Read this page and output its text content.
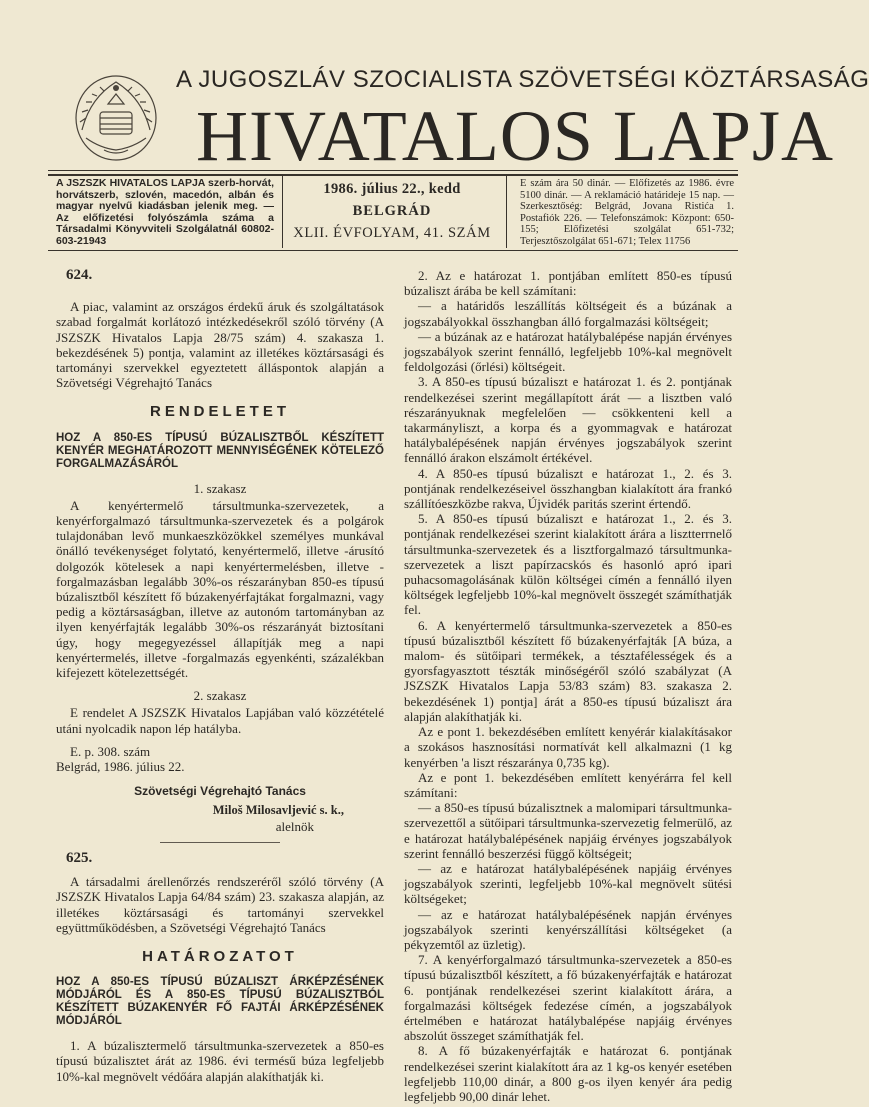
A JUGOSZLÁV SZOCIALISTA SZÖVETSÉGI KÖZTÁRSASÁG
HIVATALOS LAPJA
A JSZSZK HIVATALOS LAPJA szerb-horvát, horvátszerb, szlovén, macedón, albán és magyar nyelvű kiadásban jelenik meg. — Az előfizetési folyószámla száma a Társadalmi Könyvviteli Szolgálatnál 60802-603-21943
1986. július 22., kedd
BELGRÁD
XLII. ÉVFOLYAM, 41. SZÁM
E szám ára 50 dinár. — Előfizetés az 1986. évre 5100 dinár. — A reklamáció határideje 15 nap. — Szerkesztőség: Belgrád, Jovana Ristića 1. Postafiók 226. — Telefonszámok: Központ: 650-155; Előfizetési szolgálat 651-732; Terjesztőszolgálat 651-671; Telex 11756

624.

A piac, valamint az országos érdekű áruk és szolgáltatások szabad forgalmát korlátozó intézkedésekről szóló törvény (A JSZSZK Hivatalos Lapja 28/75 szám) 4. szakasza 1. bekezdésének 5) pontja, valamint az illetékes köztársasági és tartományi szervekkel egyeztetett álláspontok alapján a Szövetségi Végrehajtó Tanács

RENDELETET

HOZ A 850-ES TÍPUSÚ BÚZALISZTBŐL KÉSZÍTETT KENYÉR MEGHATÁROZOTT MENNYISÉGÉNEK KÖTELEZŐ FORGALMAZÁSÁRÓL

1. szakasz

A kenyértermelő társultmunka-szervezetek, a kenyérforgalmazó társultmunka-szervezetek és a polgárok tulajdonában levő munkaeszközökkel személyes munkával önálló tevékenységet folytató, kenyértermelő, illetve -árusító dolgozók kötelesek a napi kenyértermelésben, illetve -forgalmazásban legalább 30%-os részarányban 850-es típusú búzalisztből készített fő búzakenyérfajtákat forgalmazni, vagy pedig a köztársaságban, illetve az autonóm tartományban az ilyen kenyérfajták legalább 30%-os részarányát biztosítani úgy, hogy megegyezéssel állapítják meg a napi kenyértermelés, illetve -forgalmazás egyenkénti, százalékban kifejezett kötelezettségét.

2. szakasz

E rendelet A JSZSZK Hivatalos Lapjában való közzétételé utáni nyolcadik napon lép hatályba.

E. p. 308. szám

Belgrád, 1986. július 22.

Szövetségi Végrehajtó Tanács

Miloš Milosavljević s. k.,

alelnök

625.

A társadalmi árellenőrzés rendszeréről szóló törvény (A JSZSZK Hivatalos Lapja 64/84 szám) 23. szakasza alapján, az illetékes köztársasági és tartományi szervekkel együttműködésben, a Szövetségi Végrehajtó Tanács

HATÁROZATOT

HOZ A 850-ES TÍPUSÚ BÚZALISZT ÁRKÉPZÉSÉNEK MÓDJÁRÓL ÉS A 850-ES TÍPUSÚ BÚZALISZTBÓL KÉSZÍTETT BÚZAKENYÉR FŐ FAJTÁI ÁRKÉPZÉSÉNEK MÓDJÁRÓL

1. A búzalisztermelő társultmunka-szervezetek a 850-es típusú búzalisztet árát az 1986. évi termésű búza legfeljebb 10%-kal megnövelt védőára alapján alakíthatják ki.

2. Az e határozat 1. pontjában említett 850-es típusú búzaliszt árába be kell számítani:

— a határidős leszállítás költségeit és a búzának a jogszabályokkal összhangban álló forgalmazási költségeit;

— a búzának az e határozat hatálybalépése napján érvényes jogszabályok szerint fennálló, legfeljebb 10%-kal megnövelt feldolgozási (őrlési) költségeit.

3. A 850-es típusú búzaliszt e határozat 1. és 2. pontjának rendelkezései szerint megállapított árát — a lisztben való részarányuknak megfelelően — csökkenteni kell a takarmányliszt, a korpa és a gyommagvak e határozat hatálybalépésének napján érvényes jogszabályok szerint fennálló árakon elszámolt értékével.

4. A 850-es típusú búzaliszt e határozat 1., 2. és 3. pontjának rendelkezéseivel összhangban kialakított ára frankó szállítóeszközbe rakva, Újvidék paritás szerint értendő.

5. A 850-es típusú búzaliszt e határozat 1., 2. és 3. pontjának rendelkezései szerint kialakított árára a lisztterrnelő társultmunka-szervezetek és a lisztforgalmazó társultmunka-szervezetek a liszt papírzacskós és hasonló apró ipari puhacsomagolásának külön költségei címén a fennálló ilyen költségek legfeljebb 10%-kal megnövelt összegét számíthatják fel.

6. A kenyértermelő társultmunka-szervezetek a 850-es típusú búzalisztből készített fő búzakenyérfajták [A búza, a malom- és sütőipari termékek, a tésztafélességek és a gyorsfagyasztott tészták minőségéről szóló szabályzat (A JSZSZK Hivatalos Lapja 53/83 szám) 83. szakasza 2. bekezdésének 1) pontja] árát a 850-es típusú búzaliszt ára alapján alakíthatják ki.

Az e pont 1. bekezdésében említett kenyérár kialakításakor a szokásos hasznosítási normatívát kell alkalmazni (1 kg kenyérben 'a liszt részaránya 0,735 kg).

Az e pont 1. bekezdésében említett kenyérárra fel kell számítani:

— a 850-es típusú búzalisztnek a malomipari társultmunka-szervezettől a sütőipari társultmunka-szervezetig felmerülő, az e határozat hatálybalépésének napjáig érvényes jogszabályok szerint fennálló beszerzési függő költségeit;

— az e határozat hatálybalépésének napjáig érvényes jogszabályok szerinti, legfeljebb 10%-kal megnövelt sütési költségeket;

— az e határozat hatálybalépésének napján érvényes jogszabályok szerinti kenyérszállítási költségeket (a pékүzemtől az üzletig).

7. A kenyérforgalmazó társultmunka-szervezetek a 850-es típusú búzalisztből készített, a fő búzakenyérfajták e határozat 6. pontjának rendelkezései szerint kialakított árára, a forgalmazási költségek fedezése címén, a jogszabályok értelmében e határozat hatálybalépése napjáig érvényes abszolút összeget számíthatják fel.

8. A fő búzakenyérfajták e határozat 6. pontjának rendelkezései szerint kialakított ára az 1 kg-os kenyér esetében legfeljebb 110,00 dinár, a 800 g-os ilyen kenyér ára pedig legfeljebb 90,00 dinár lehet.
